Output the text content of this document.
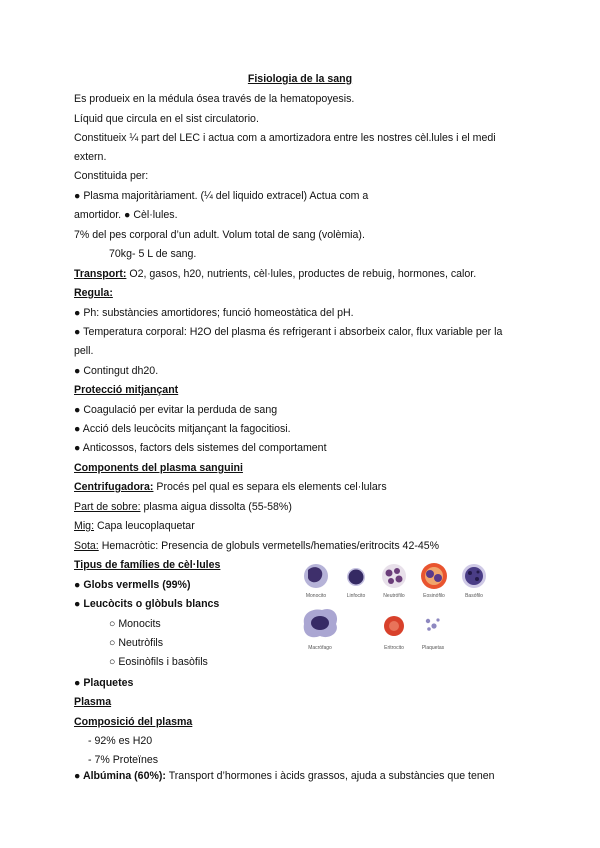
Fisiologia de la sang
Es produeix en la médula ósea través de la hematopoyesis.
Líquid que circula en el sist circulatorio.
Constitueix ¼ part del LEC i actua com a amortizadora entre les nostres cèl.lules i el medi
extern.
Constituida per:
● Plasma majoritàriament. (¼ del liquido extracel) Actua com a
amortidor. ● Cèl·lules.
7% del pes corporal d’un adult. Volum total de sang (volèmia).
70kg- 5 L de sang.
Transport: O2, gasos, h20, nutrients, cèl·lules, productes de rebuig, hormones, calor.
Regula:
● Ph: substàncies amortidores; funció homeostàtica del pH.
● Temperatura corporal: H2O del plasma és refrigerant i absorbeix calor, flux variable per la
pell.
● Contingut dh20.
Protecció mitjançant
● Coagulació per evitar la perduda de sang
● Acció dels leucòcits mitjançant la fagocitiosi.
● Anticossos, factors dels sistemes del comportament
Components del plasma sanguini
Centrifugadora: Procés pel qual es separa els elements cel·lulars
Part de sobre: plasma aigua dissolta (55-58%)
Mig: Capa leucoplaquetar
Sota: Hemacròtic: Presencia de globuls vermetells/hematies/eritrocits 42-45%
Tipus de famílies de cèl·lules
● Globs vermells (99%)
● Leucòcits o glòbuls blancs
○ Monocits
○ Neutròfils
○ Eosinòfils i basòfils
● Plaquetes
Plasma
Composició del plasma
- 92% es H20
- 7% Proteïnes
● Albúmina (60%): Transport d’hormones i àcids grassos, ajuda a substàncies que tenen
Monocito	Linfocito	Neutrófilo	Eosinófilo	Basófilo
Macrófago	Eritrocito	Plaquetas
